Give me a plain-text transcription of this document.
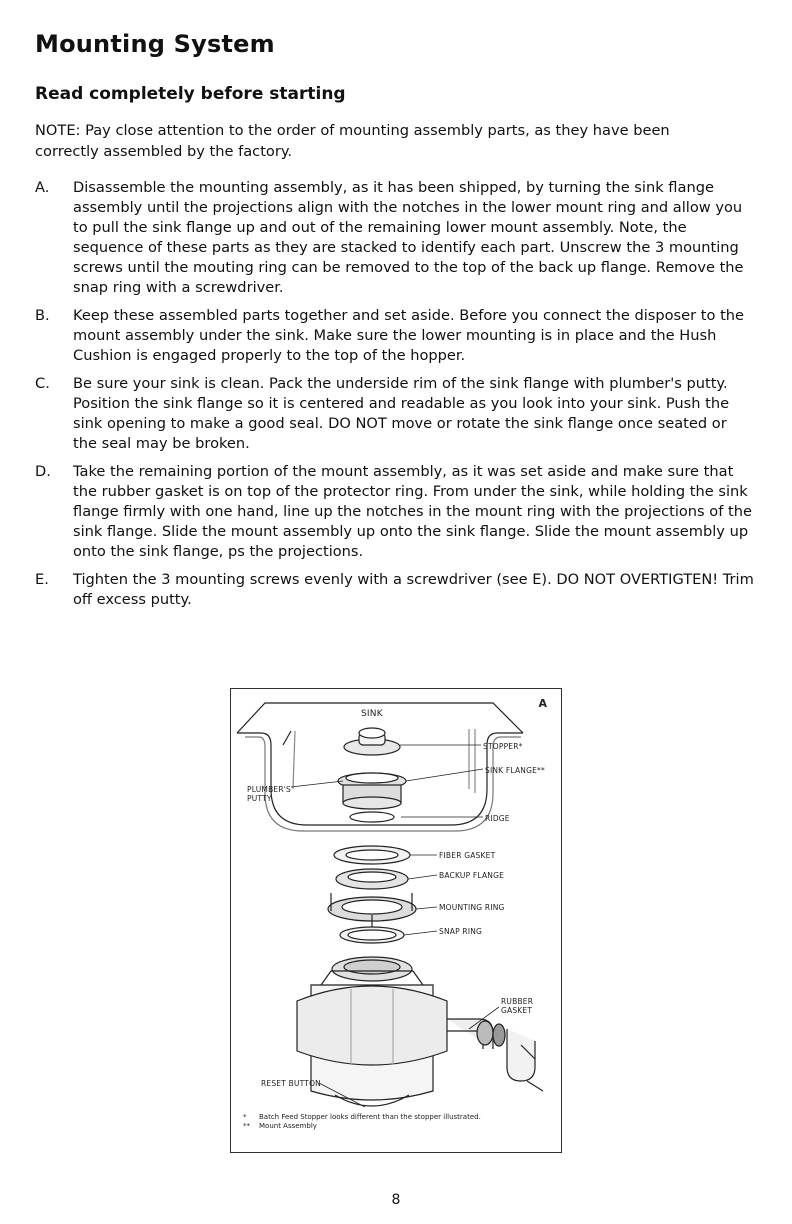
Mounting System
Read completely before starting
NOTE: Pay close attention to the order of mounting assembly parts, as they have been correctly assembled by the factory.
A.	Disassemble the mounting assembly, as it has been shipped, by turning the sink flange assembly until the projections align with the notches in the lower mount ring and allow you to pull the sink flange up and out of the remaining lower mount assembly. Note, the sequence of these parts as they are stacked to identify each part. Unscrew the 3 mounting screws until the mouting ring can be removed to the top of the back up flange. Remove the snap ring with a screwdriver.
B.	Keep these assembled parts together and set aside. Before you connect the disposer to the mount assembly under the sink. Make sure the lower mounting is in place and the Hush Cushion is engaged properly to the top of the hopper.
C.	Be sure your sink is clean. Pack the underside rim of the sink flange with plumber's putty. Position the sink flange so it is centered and readable as you look into your sink. Push the sink opening to make a good seal. DO NOT move or rotate the sink flange once seated or the seal may be broken.
D.	Take the remaining portion of the mount assembly, as it was set aside and make sure that the rubber gasket is on top of the protector ring. From under the sink, while holding the sink flange firmly with one hand, line up the notches in the mount ring with the projections of the sink flange. Slide the mount assembly up onto the sink flange. Slide the mount assembly up onto the sink flange, ps the projections.
E.	Tighten the 3 mounting screws evenly with a screwdriver (see E). DO NOT OVERTIGTEN! Trim off excess putty.
SINK
A
STOPPER*
SINK FLANGE**
PLUMBER'S
PUTTY
RIDGE
FIBER GASKET
BACKUP FLANGE
MOUNTING RING
SNAP RING
RUBBER
GASKET
RESET BUTTON
*	Batch Feed Stopper looks different than the stopper illustrated.
**	Mount Assembly
8
